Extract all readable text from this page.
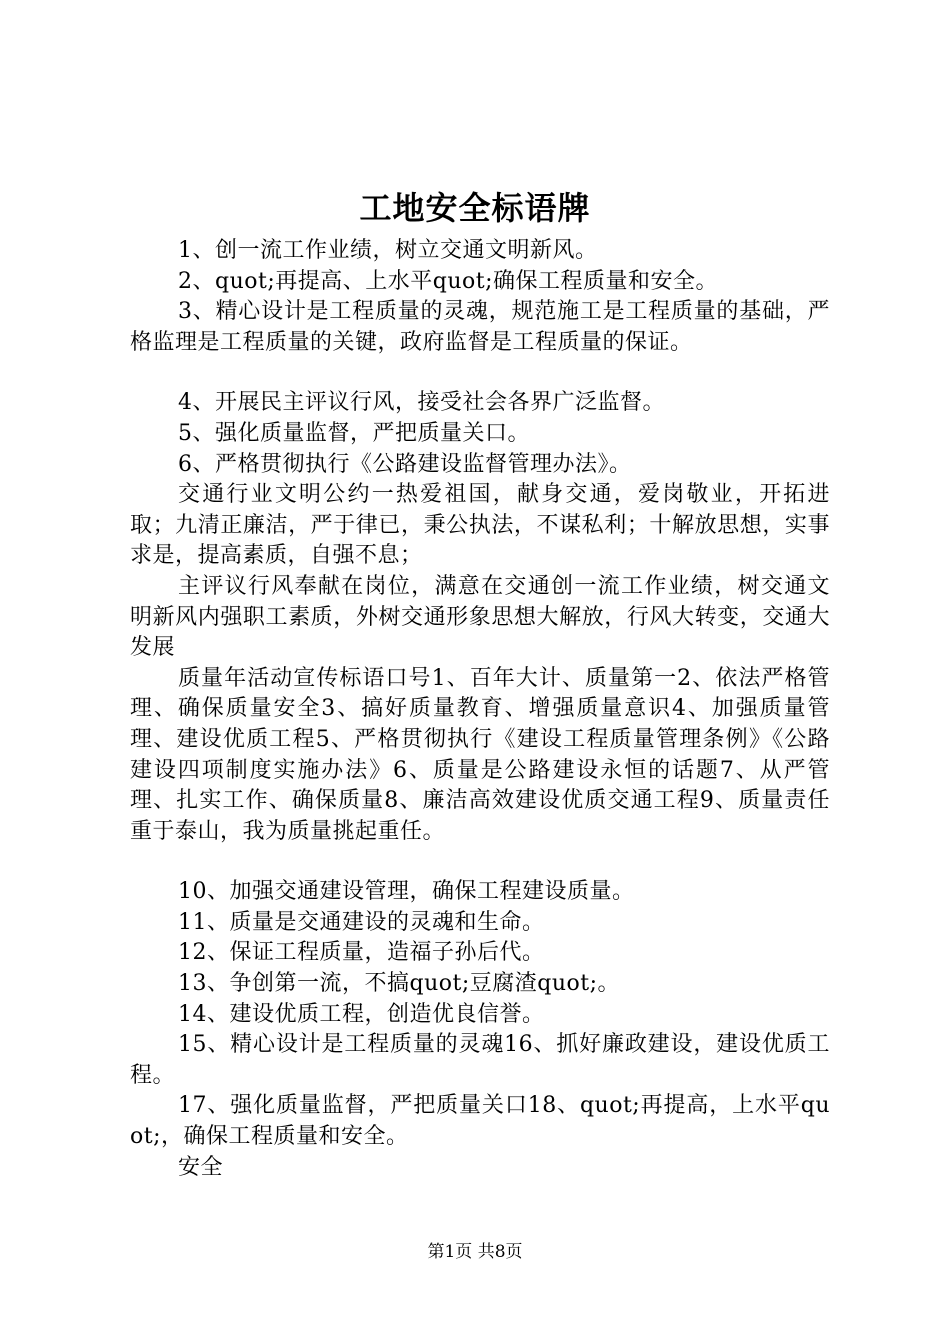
工地安全标语牌

1、创一流工作业绩，树立交通文明新风。

2、quot;再提高、上水平quot;确保工程质量和安全。

3、精心设计是工程质量的灵魂，规范施工是工程质量的基础，严格监理是工程质量的关键，政府监督是工程质量的保证。

4、开展民主评议行风，接受社会各界广泛监督。

5、强化质量监督，严把质量关口。

6、严格贯彻执行《公路建设监督管理办法》。

交通行业文明公约一热爱祖国，献身交通，爱岗敬业，开拓进取；九清正廉洁，严于律已，秉公执法，不谋私利；十解放思想，实事求是，提高素质，自强不息；

主评议行风奉献在岗位，满意在交通创一流工作业绩，树交通文明新风内强职工素质，外树交通形象思想大解放，行风大转变，交通大发展

质量年活动宣传标语口号1、百年大计、质量第一2、依法严格管理、确保质量安全3、搞好质量教育、增强质量意识4、加强质量管理、建设优质工程5、严格贯彻执行《建设工程质量管理条例》《公路建设四项制度实施办法》6、质量是公路建设永恒的话题7、从严管理、扎实工作、确保质量8、廉洁高效建设优质交通工程9、质量责任重于泰山，我为质量挑起重任。

10、加强交通建设管理，确保工程建设质量。

11、质量是交通建设的灵魂和生命。

12、保证工程质量，造福子孙后代。

13、争创第一流，不搞quot;豆腐渣quot;。

14、建设优质工程，创造优良信誉。

15、精心设计是工程质量的灵魂16、抓好廉政建设，建设优质工程。

17、强化质量监督，严把质量关口18、quot;再提高，上水平quot;，确保工程质量和安全。

安全

第1页 共8页
